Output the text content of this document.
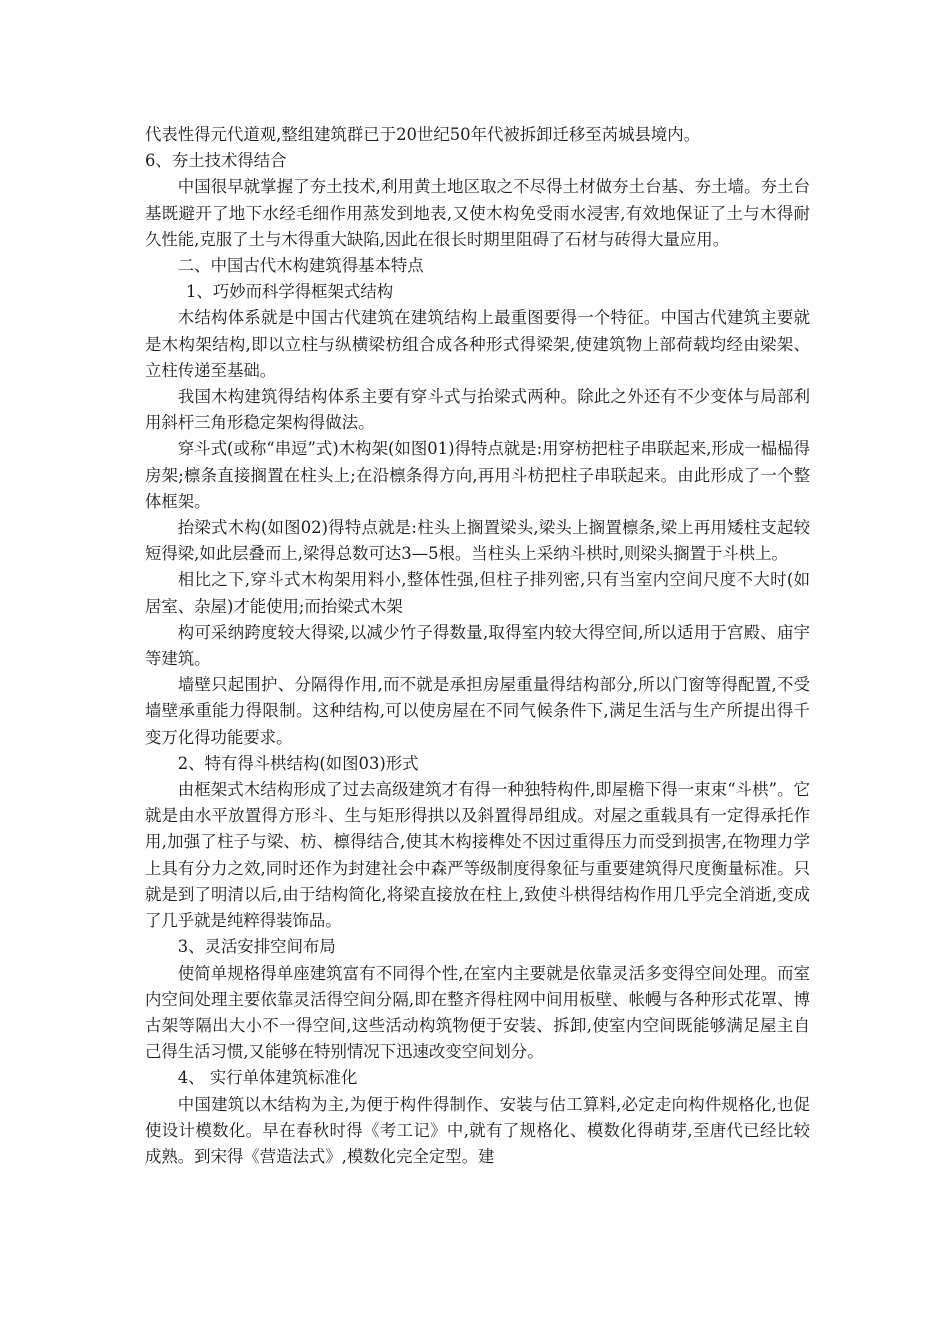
代表性得元代道观,整组建筑群已于20世纪50年代被拆卸迁移至芮城县境内。

6、夯土技术得结合

中国很早就掌握了夯土技术,利用黄土地区取之不尽得土材做夯土台基、夯土墙。夯土台基既避开了地下水经毛细作用蒸发到地表,又使木构免受雨水浸害,有效地保证了土与木得耐久性能,克服了土与木得重大缺陷,因此在很长时期里阻碍了石材与砖得大量应用。

二、中国古代木构建筑得基本特点

1、巧妙而科学得框架式结构

木结构体系就是中国古代建筑在建筑结构上最重图要得一个特征。中国古代建筑主要就是木构架结构,即以立柱与纵横梁枋组合成各种形式得梁架,使建筑物上部荷载均经由梁架、立柱传递至基础。

我国木构建筑得结构体系主要有穿斗式与抬梁式两种。除此之外还有不少变体与局部利用斜杆三角形稳定架构得做法。

穿斗式(或称“串逗”式)木构架(如图01)得特点就是:用穿枋把柱子串联起来,形成一榀榀得房架;檩条直接搁置在柱头上;在沿檩条得方向,再用斗枋把柱子串联起来。由此形成了一个整体框架。

抬梁式木构(如图02)得特点就是:柱头上搁置梁头,梁头上搁置檩条,梁上再用矮柱支起较短得梁,如此层叠而上,梁得总数可达3—5根。当柱头上采纳斗栱时,则梁头搁置于斗栱上。

相比之下,穿斗式木构架用料小,整体性强,但柱子排列密,只有当室内空间尺度不大时(如居室、杂屋)才能使用;而抬梁式木架

构可采纳跨度较大得梁,以减少竹子得数量,取得室内较大得空间,所以适用于宫殿、庙宇等建筑。

墙壁只起围护、分隔得作用,而不就是承担房屋重量得结构部分,所以门窗等得配置,不受墙壁承重能力得限制。这种结构,可以使房屋在不同气候条件下,满足生活与生产所提出得千变万化得功能要求。

2、特有得斗栱结构(如图03)形式

由框架式木结构形成了过去高级建筑才有得一种独特构件,即屋檐下得一束束“斗栱”。它就是由水平放置得方形斗、生与矩形得拱以及斜置得昂组成。对屋之重载具有一定得承托作用,加强了柱子与梁、枋、檩得结合,使其木构接榫处不因过重得压力而受到损害,在物理力学上具有分力之效,同时还作为封建社会中森严等级制度得象征与重要建筑得尺度衡量标准。只就是到了明清以后,由于结构简化,将梁直接放在柱上,致使斗栱得结构作用几乎完全消逝,变成了几乎就是纯粹得装饰品。

3、灵活安排空间布局

使简单规格得单座建筑富有不同得个性,在室内主要就是依靠灵活多变得空间处理。而室内空间处理主要依靠灵活得空间分隔,即在整齐得柱网中间用板壁、帐幔与各种形式花罩、博古架等隔出大小不一得空间,这些活动构筑物便于安装、拆卸,使室内空间既能够满足屋主自己得生活习惯,又能够在特别情况下迅速改变空间划分。

4、 实行单体建筑标准化

中国建筑以木结构为主,为便于构件得制作、安装与估工算料,必定走向构件规格化,也促使设计模数化。早在春秋时得《考工记》中,就有了规格化、模数化得萌芽,至唐代已经比较成熟。到宋得《营造法式》,模数化完全定型。建
